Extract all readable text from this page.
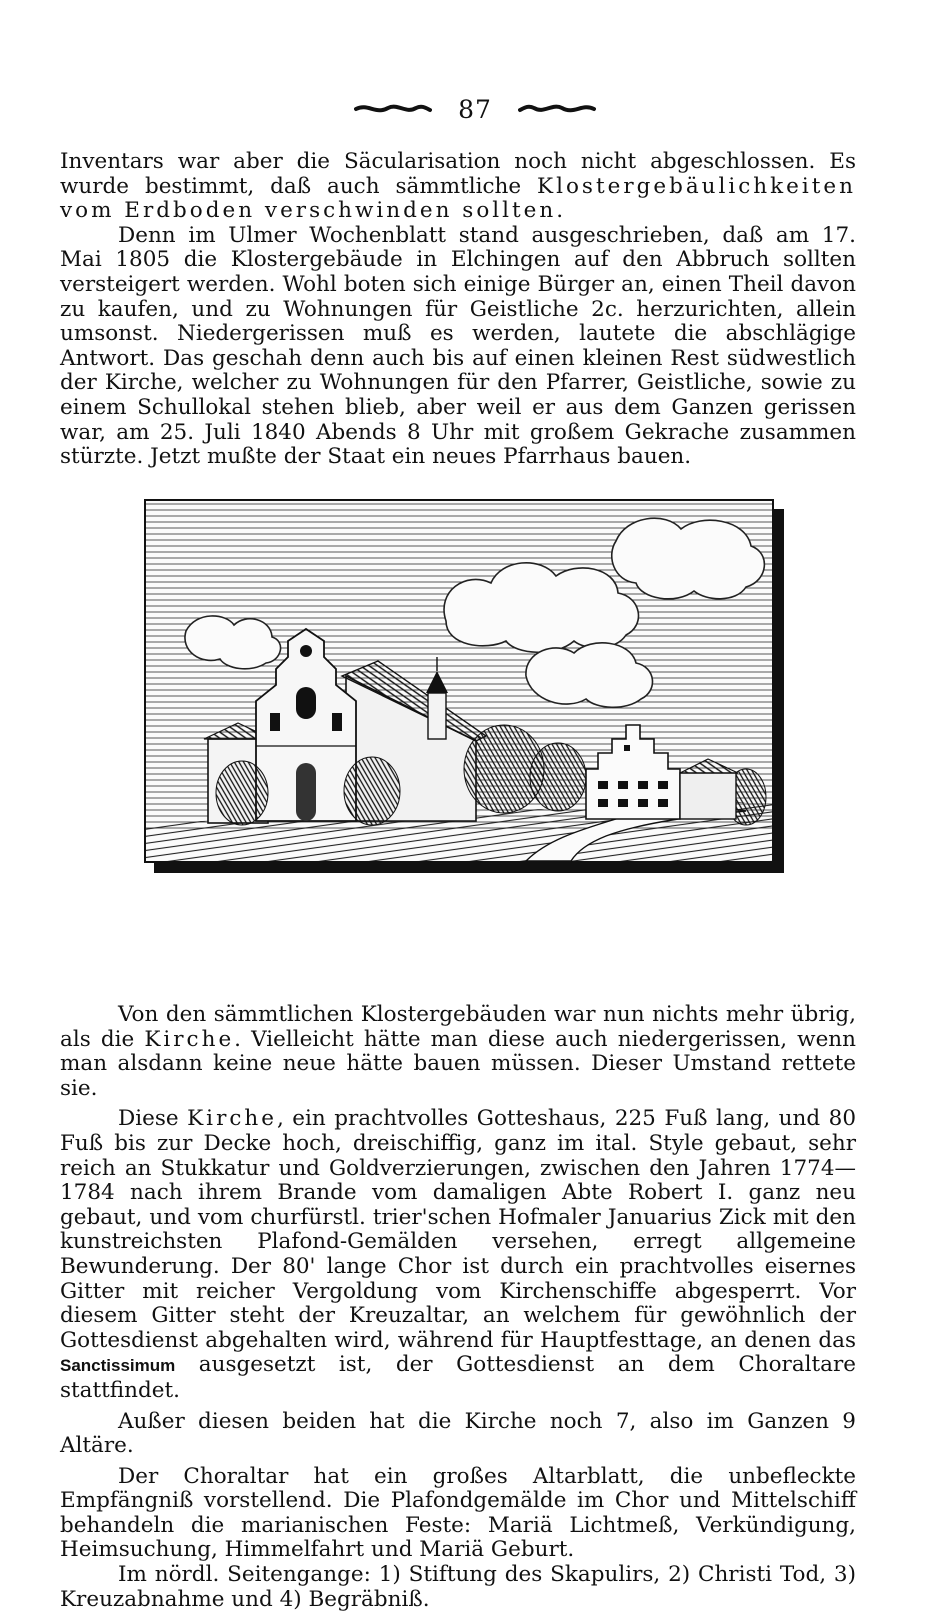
87

Inventars war aber die Säcularisation noch nicht abgeschlossen. Es wurde bestimmt, daß auch sämmtliche Klostergebäulichkeiten vom Erdboden verschwinden sollten.

Denn im Ulmer Wochenblatt stand ausgeschrieben, daß am 17. Mai 1805 die Klostergebäude in Elchingen auf den Abbruch sollten versteigert werden. Wohl boten sich einige Bürger an, einen Theil davon zu kaufen, und zu Wohnungen für Geistliche 2c. herzurichten, allein umsonst. Niedergerissen muß es werden, lautete die abschlägige Antwort. Das geschah denn auch bis auf einen kleinen Rest südwestlich der Kirche, welcher zu Wohnungen für den Pfarrer, Geistliche, sowie zu einem Schullokal stehen blieb, aber weil er aus dem Ganzen gerissen war, am 25. Juli 1840 Abends 8 Uhr mit großem Gekrache zusammen stürzte. Jetzt mußte der Staat ein neues Pfarrhaus bauen.

Von den sämmtlichen Klostergebäuden war nun nichts mehr übrig, als die Kirche. Vielleicht hätte man diese auch niedergerissen, wenn man alsdann keine neue hätte bauen müssen. Dieser Umstand rettete sie.

Diese Kirche, ein prachtvolles Gotteshaus, 225 Fuß lang, und 80 Fuß bis zur Decke hoch, dreischiffig, ganz im ital. Style gebaut, sehr reich an Stukkatur und Goldverzierungen, zwischen den Jahren 1774—1784 nach ihrem Brande vom damaligen Abte Robert I. ganz neu gebaut, und vom churfürstl. trier'schen Hofmaler Januarius Zick mit den kunstreichsten Plafond-Gemälden versehen, erregt allgemeine Bewunderung. Der 80' lange Chor ist durch ein prachtvolles eisernes Gitter mit reicher Vergoldung vom Kirchenschiffe abgesperrt. Vor diesem Gitter steht der Kreuzaltar, an welchem für gewöhnlich der Gottesdienst abgehalten wird, während für Hauptfesttage, an denen das Sanctissimum ausgesetzt ist, der Gottesdienst an dem Choraltare stattfindet.

Außer diesen beiden hat die Kirche noch 7, also im Ganzen 9 Altäre.

Der Choraltar hat ein großes Altarblatt, die unbefleckte Empfängniß vorstellend. Die Plafondgemälde im Chor und Mittelschiff behandeln die marianischen Feste: Mariä Lichtmeß, Verkündigung, Heimsuchung, Himmelfahrt und Mariä Geburt.

Im nördl. Seitengange: 1) Stiftung des Skapulirs, 2) Christi Tod, 3) Kreuzabnahme und 4) Begräbniß.
